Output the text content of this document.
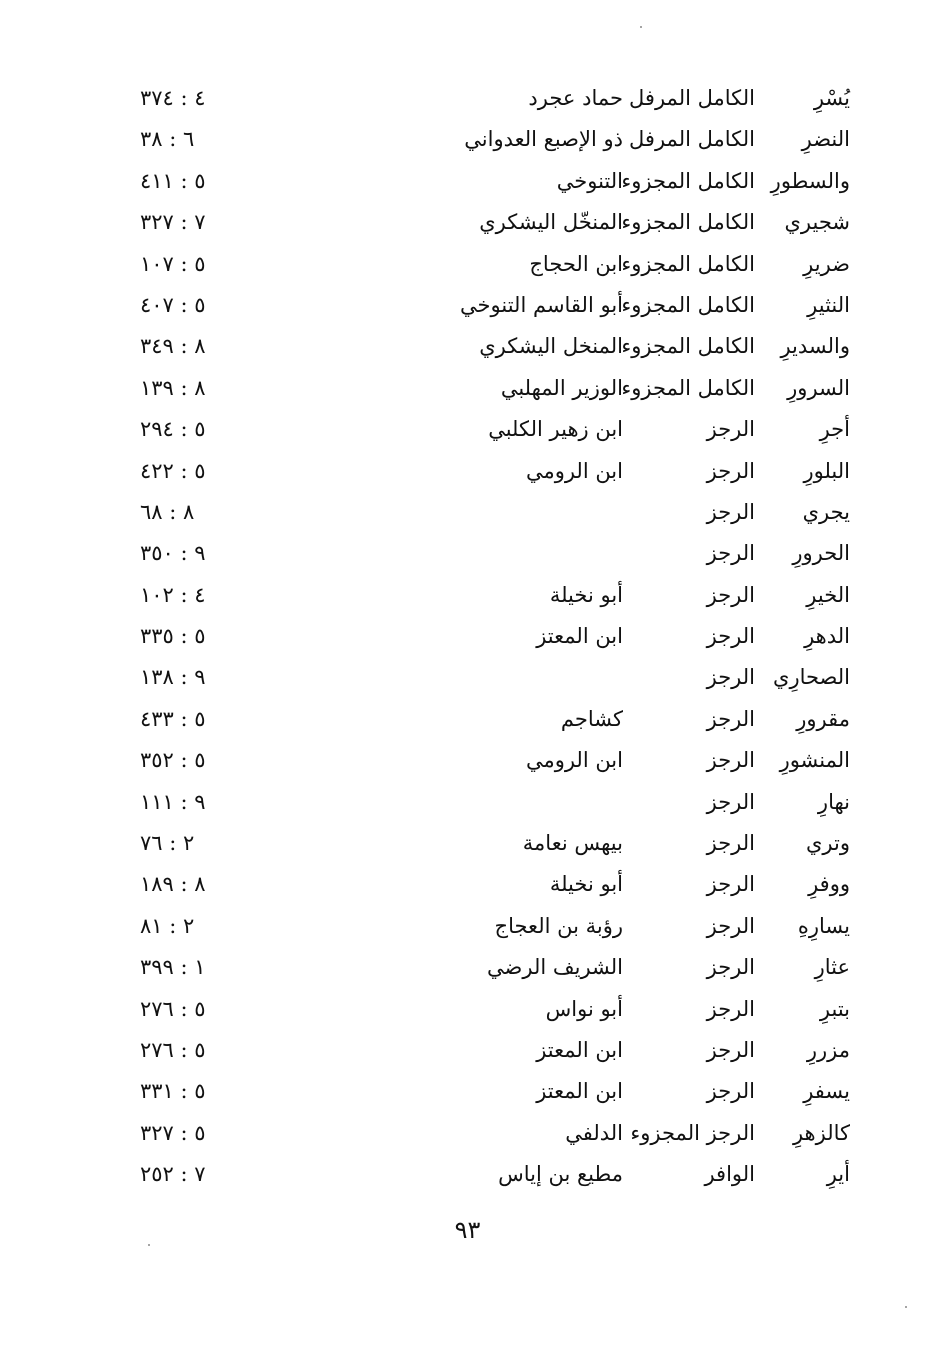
يُسْرِ
الكامل المرفل
حماد عجرد
٤ : ٣٧٤
النضرِ
الكامل المرفل
ذو الإصبع العدواني
٦ : ٣٨
والسطورِ
الكامل المجزوء
التنوخي
٥ : ٤١١
شجيري
الكامل المجزوء
المنخّل اليشكري
٧ : ٣٢٧
ضريرِ
الكامل المجزوء
ابن الحجاج
٥ : ١٠٧
النثيرِ
الكامل المجزوء
أبو القاسم التنوخي
٥ : ٤٠٧
والسديرِ
الكامل المجزوء
المنخل اليشكري
٨ : ٣٤٩
السرورِ
الكامل المجزوء
الوزير المهلبي
٨ : ١٣٩
أجرِ
الرجز
ابن زهير الكلبي
٥ : ٢٩٤
البلورِ
الرجز
ابن الرومي
٥ : ٤٢٢
يجري
الرجز
٨ : ٦٨
الحرورِ
الرجز
٩ : ٣٥٠
الخيرِ
الرجز
أبو نخيلة
٤ : ١٠٢
الدهرِ
الرجز
ابن المعتز
٥ : ٣٣٥
الصحارِي
الرجز
٩ : ١٣٨
مقرورِ
الرجز
كشاجم
٥ : ٤٣٣
المنشورِ
الرجز
ابن الرومي
٥ : ٣٥٢
نهارِ
الرجز
٩ : ١١١
وتري
الرجز
بيهس نعامة
٢ : ٧٦
ووفرِ
الرجز
أبو نخيلة
٨ : ١٨٩
يسارِهِ
الرجز
رؤبة بن العجاج
٢ : ٨١
عثارِ
الرجز
الشريف الرضي
١ : ٣٩٩
بتبرِ
الرجز
أبو نواس
٥ : ٢٧٦
مزررِ
الرجز
ابن المعتز
٥ : ٢٧٦
يسفرِ
الرجز
ابن المعتز
٥ : ٣٣١
كالزهرِ
الرجز المجزوء
الدلفي
٥ : ٣٢٧
أيرِ
الوافر
مطيع بن إياس
٧ : ٢٥٢
٩٣
